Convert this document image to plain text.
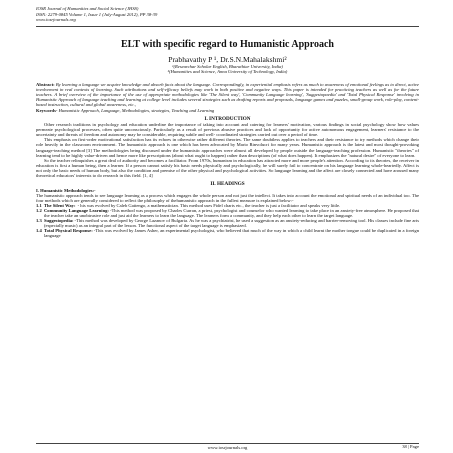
IOSR Journal of Humanities and Social Science (JHSS)
ISSN: 2279-0845 Volume 1, Issue 1 (July-August 2012), PP 38-39
www.iosrjournals.org
ELT with specific regard to Humanistic Approach
Prabhavathy P ¹, Dr.S.N.Mahalakshmi²
¹(Researchar Scholar English, Bharathiar University, India)
²(Humanities and Science, Anna University of Technology, India)
Abstract: By learning a language we acquire knowledge and absorb facts about the language. Correspondingly, in experiential emphasis refers as much to awareness of emotional feelings as to direct, active involvement in real contexts of learning. Such attributions and self-efficacy beliefs may work in both positive and negative ways. This paper is intended for practicing teachers as well as for the future teachers. A brief overview of the importance of the use of appropriate methodologies like 'The Silent way', 'Community Language learning', 'Suggestopaedia' and 'Total Physical Response' involving in Humanistic Approach of language teaching and learning at college level includes several strategies such as drafting reports and proposals, language games and puzzles, small-group work, role-play, content-based instruction, cultural and global awareness, etc.,
Keywords- Humanistic Approach, Language, Methodologies, strategies, Teaching and Learning
I. INTRODUCTION

Other research traditions in psychology and education underline the importance of taking into account and catering for learners' motivation, various findings in social psychology show how values permeate psychological processes, often quite unconsciously. Particularly as a result of previous abusive practices and lack of opportunity for active autonomous engagement, learners' resistance to the uncertainty and threats of freedom and autonomy may be considerable, requiring subtle and well- coordinated strategies carried out over a period of time.

This emphasis on first-order motivational satisfaction has its echoes in otherwise rather different theories. The same doubtless applies to teachers and their resistance to try methods which change their role heavily in the classroom environment. The humanistic approach is one which has been advocated by Mario Rinvolucri for many years. Humanistic approach is the latest and most thought-provoking language-teaching method [3] The methodologies being discussed under the humanistic approaches were almost all developed by people outside the language-teaching profession. Humanistic "theories" of learning tend to be highly value-driven and hence more like prescriptions (about what ought to happen) rather than descriptions (of what does happen). It emphasizes the "natural desire" of everyone to learn.

So the teacher relinquishes a great deal of authority and becomes a facilitator. From 1970s, humanism in education has attracted more and more people's attention. According to its theories, the receiver in education is first a human being, then a learner. If a person cannot satisfy his basic needs physically and psychologically, he will surely fail to concentrate on his language learning whole-heartedly. Affect is not only the basic needs of human body, but also the condition and premise of the other physical and psychological activities. So language learning and the affect are closely connected and have aroused many theoretical educators' interests to do research in this field. [1, 4]

II. HEADINGS
I. Humanistic Methodologies:-

The humanistic approach tends to see language learning as a process which engages the whole person and not just the intellect. It takes into account the emotional and spiritual needs of an individual too. The four methods which are generally considered to reflect the philosophy of thehumanistic approach in the fullest measure is explained below:-

1.1 The Silent Way: - his was evolved by Caleb Gattengo, a mathematician. This method uses Fidel charts etc., the teacher is just a facilitator and speaks very little.
1.2 Community Language Learning:-This method was proposed by Charles Curran, a priest, psychologist and counselor who wanted learning to take place in an anxiety-free atmosphere. He proposed that the teacher take an unobtrusive role and just aid the learners to learn the language. The learners form a community, and they help each other to learn the target language.
1.3 Suggestopedia:-This method was developed by George Lazanov of Bulgaria. As he was a psychiatrist, he used a suggestion as an anxiety-reducing and barrier-removing tool. His classes include fine arts (especially music) as an integral part of the lesson. The functional aspect of the target language is emphasized.
1.4 Total Physical Response:-This was evolved by James Asher, an experimental psychologist, who believed that much of the way in which a child learnt the mother tongue could be duplicated in a foreign language
www.iosrjournals.org	38 | Page
